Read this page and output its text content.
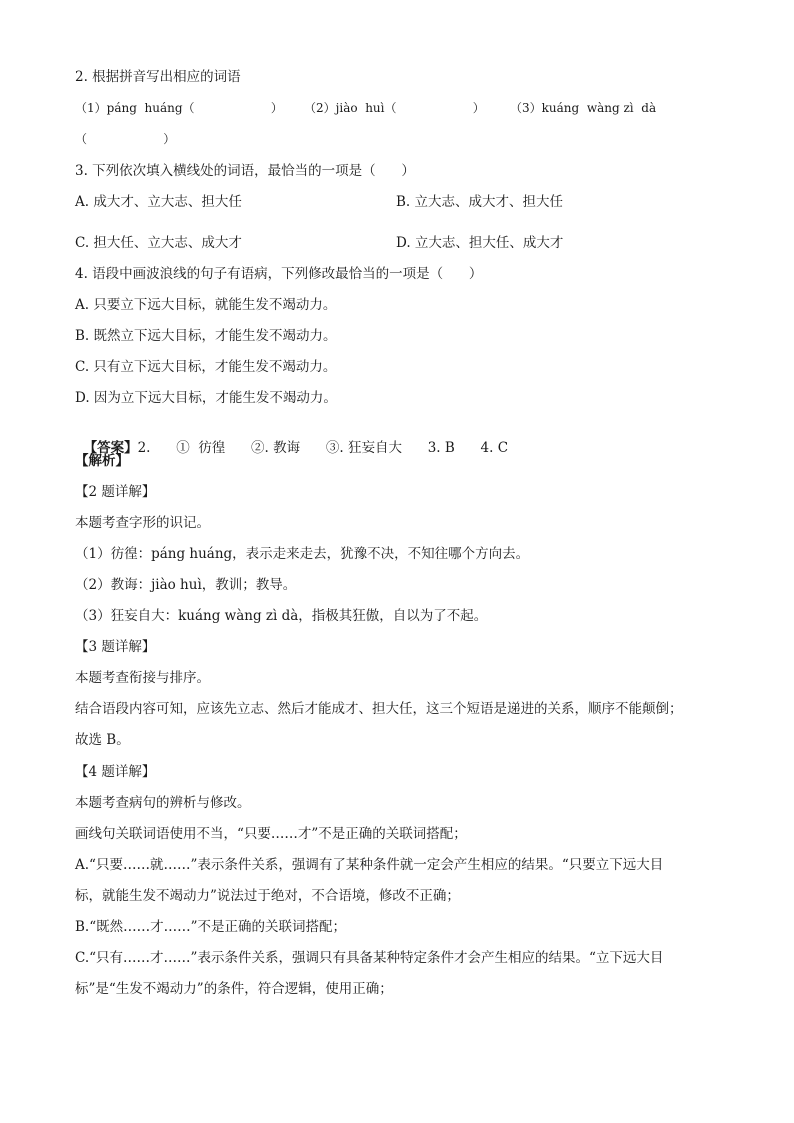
2. 根据拼音写出相应的词语
（1）páng  huáng（                    ） （2）jiào  huì（                    ） （3）kuáng  wàng zì  dà
（                    ）
3. 下列依次填入横线处的词语，最恰当的一项是（      ）
A. 成大才、立大志、担大任	B. 立大志、成大才、担大任
C. 担大任、立大志、成大才	D. 立大志、担大任、成大才
4. 语段中画波浪线的句子有语病，下列修改最恰当的一项是（      ）
A. 只要立下远大目标，就能生发不竭动力。
B. 既然立下远大目标，才能生发不竭动力。
C. 只有立下远大目标，才能生发不竭动力。
D. 因为立下远大目标，才能生发不竭动力。

【答案】2.      ①  彷徨      ②. 教诲      ③. 狂妄自大      3. B      4. C

【解析】
【2 题详解】
本题考查字形的识记。
（1）彷徨：páng huáng，表示走来走去，犹豫不决，不知往哪个方向去。
（2）教诲：jiào huì，教训；教导。
（3）狂妄自大：kuáng wàng zì dà，指极其狂傲，自以为了不起。
【3 题详解】
本题考查衔接与排序。
结合语段内容可知，应该先立志、然后才能成才、担大任，这三个短语是递进的关系，顺序不能颠倒；
故选 B。
【4 题详解】
本题考查病句的辨析与修改。
画线句关联词语使用不当，“只要……才”不是正确的关联词搭配；
A.“只要……就……”表示条件关系，强调有了某种条件就一定会产生相应的结果。“只要立下远大目
标，就能生发不竭动力”说法过于绝对，不合语境，修改不正确；
B.“既然……才……”不是正确的关联词搭配；
C.“只有……才……”表示条件关系，强调只有具备某种特定条件才会产生相应的结果。“立下远大目
标”是“生发不竭动力”的条件，符合逻辑，使用正确；
